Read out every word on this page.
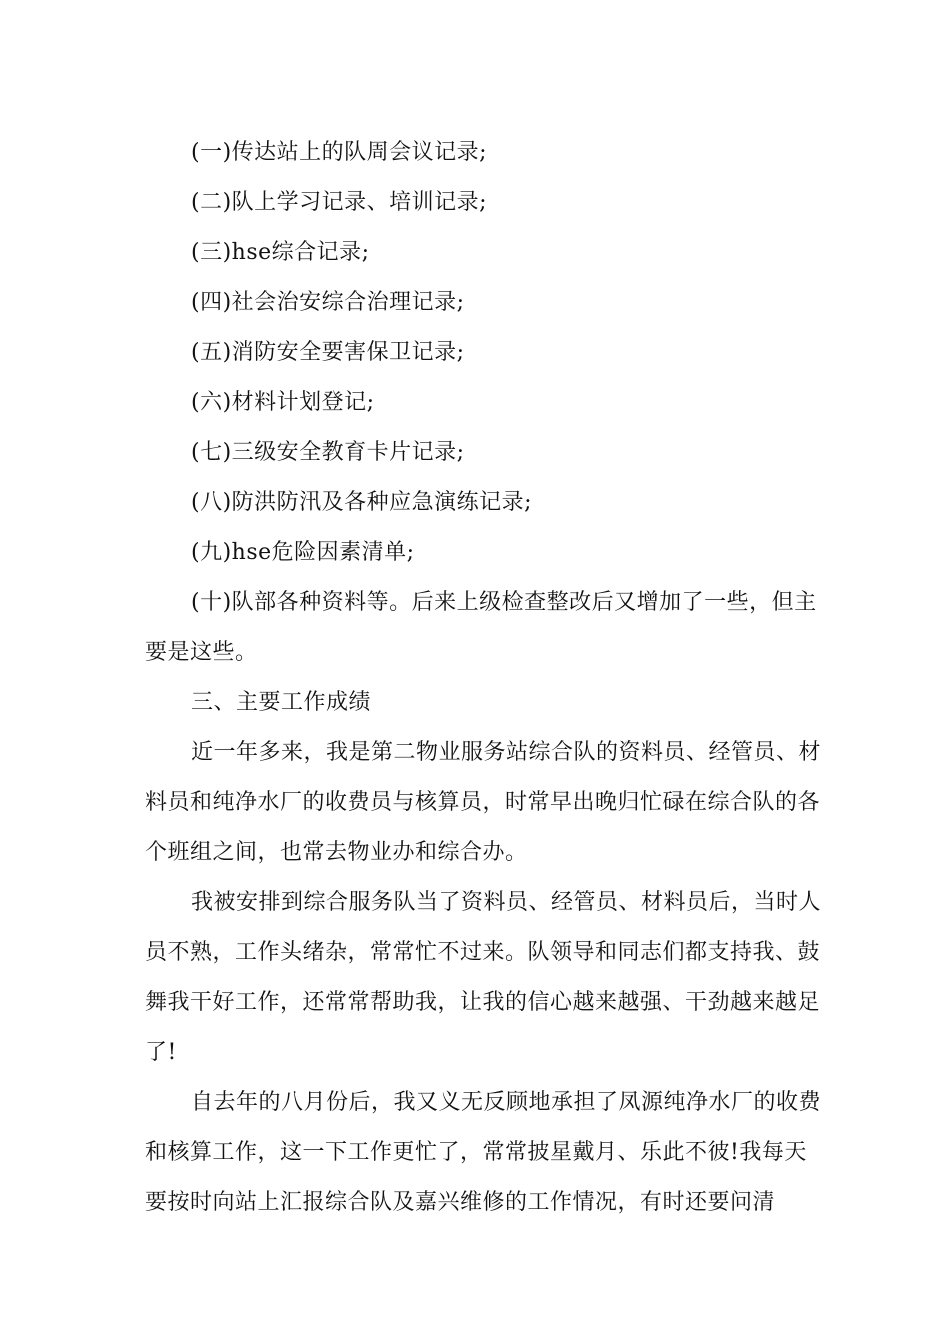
(一)传达站上的队周会议记录;

(二)队上学习记录、培训记录;

(三)hse综合记录;

(四)社会治安综合治理记录;

(五)消防安全要害保卫记录;

(六)材料计划登记;

(七)三级安全教育卡片记录;

(八)防洪防汛及各种应急演练记录;

(九)hse危险因素清单;

(十)队部各种资料等。后来上级检查整改后又增加了一些，但主要是这些。

三、主要工作成绩

近一年多来，我是第二物业服务站综合队的资料员、经管员、材料员和纯净水厂的收费员与核算员，时常早出晚归忙碌在综合队的各个班组之间，也常去物业办和综合办。

我被安排到综合服务队当了资料员、经管员、材料员后，当时人员不熟，工作头绪杂，常常忙不过来。队领导和同志们都支持我、鼓舞我干好工作，还常常帮助我，让我的信心越来越强、干劲越来越足了!

自去年的八月份后，我又义无反顾地承担了凤源纯净水厂的收费和核算工作，这一下工作更忙了，常常披星戴月、乐此不彼!我每天要按时向站上汇报综合队及嘉兴维修的工作情况，有时还要问清
